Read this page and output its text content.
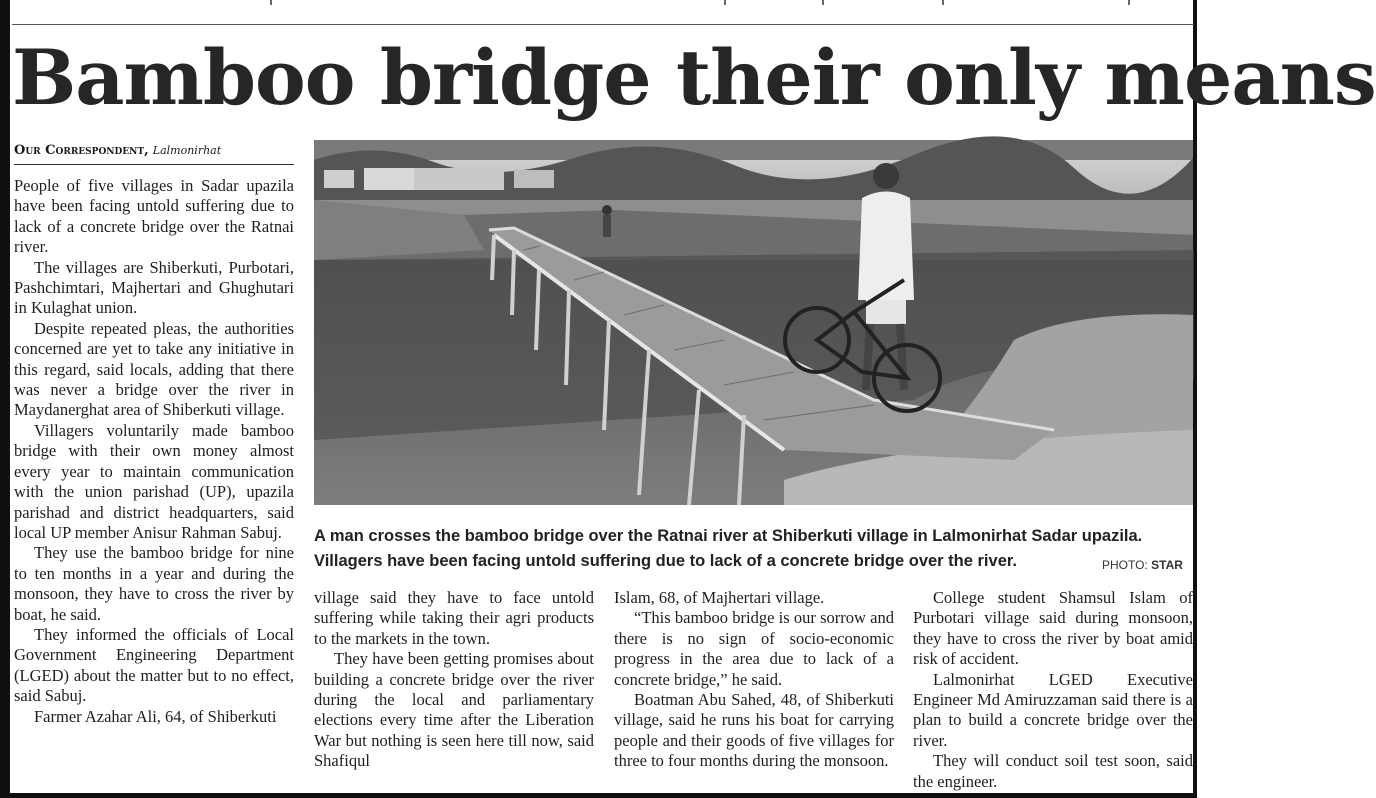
Bamboo bridge their only means
Our Correspondent, Lalmonirhat

People of five villages in Sadar upazila have been facing untold suffering due to lack of a concrete bridge over the Ratnai river.

The villages are Shiberkuti, Purbotari, Pashchimtari, Majhertari and Ghughutari in Kulaghat union.

Despite repeated pleas, the authorities concerned are yet to take any initiative in this regard, said locals, adding that there was never a bridge over the river in Maydanerghat area of Shiberkuti village.

Villagers voluntarily made bamboo bridge with their own money almost every year to maintain communication with the union parishad (UP), upazila parishad and district headquarters, said local UP member Anisur Rahman Sabuj.

They use the bamboo bridge for nine to ten months in a year and during the monsoon, they have to cross the river by boat, he said.

They informed the officials of Local Government Engineering Department (LGED) about the matter but to no effect, said Sabuj.

Farmer Azahar Ali, 64, of Shiberkuti

A man crosses the bamboo bridge over the Ratnai river at Shiberkuti village in Lalmonirhat Sadar upazila.
Villagers have been facing untold suffering due to lack of a concrete bridge over the river.	PHOTO: STAR

village said they have to face untold suffering while taking their agri products to the markets in the town.

They have been getting promises about building a concrete bridge over the river during the local and parliamentary elections every time after the Liberation War but nothing is seen here till now, said Shafiqul

Islam, 68, of Majhertari village.

“This bamboo bridge is our sorrow and there is no sign of socio-economic progress in the area due to lack of a concrete bridge,” he said.

Boatman Abu Sahed, 48, of Shiberkuti village, said he runs his boat for carrying people and their goods of five villages for three to four months during the monsoon.

College student Shamsul Islam of Purbotari village said during monsoon, they have to cross the river by boat amid risk of accident.

Lalmonirhat LGED Executive Engineer Md Amiruzzaman said there is a plan to build a concrete bridge over the river.

They will conduct soil test soon, said the engineer.
